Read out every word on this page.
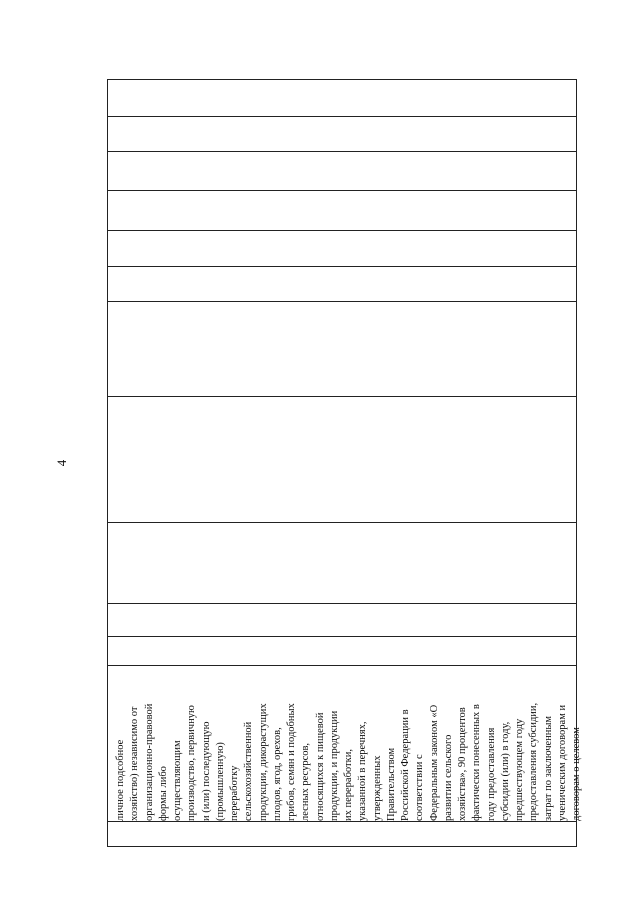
4
личное подсобное хозяйство) независимо от организационно-правовой формы либо осуществляющим производство, первичную и (или) последующую (промышленную) переработку сельскохозяйственной продукции, дикорастущих плодов, ягод, орехов, грибов, семян и подобных лесных ресурсов, относящихся к пищевой продукции, и продукции их переработки, указанной в перечнях, утвержденных Правительством Российской Федерации в соответствии с Федеральным законом «О развитии сельского хозяйства», 90 процентов фактически понесенных в году предоставления субсидии (или) в году, предшествующем году предоставления субсидии, затрат по заключенным ученическим договорам и договорам о целевом
